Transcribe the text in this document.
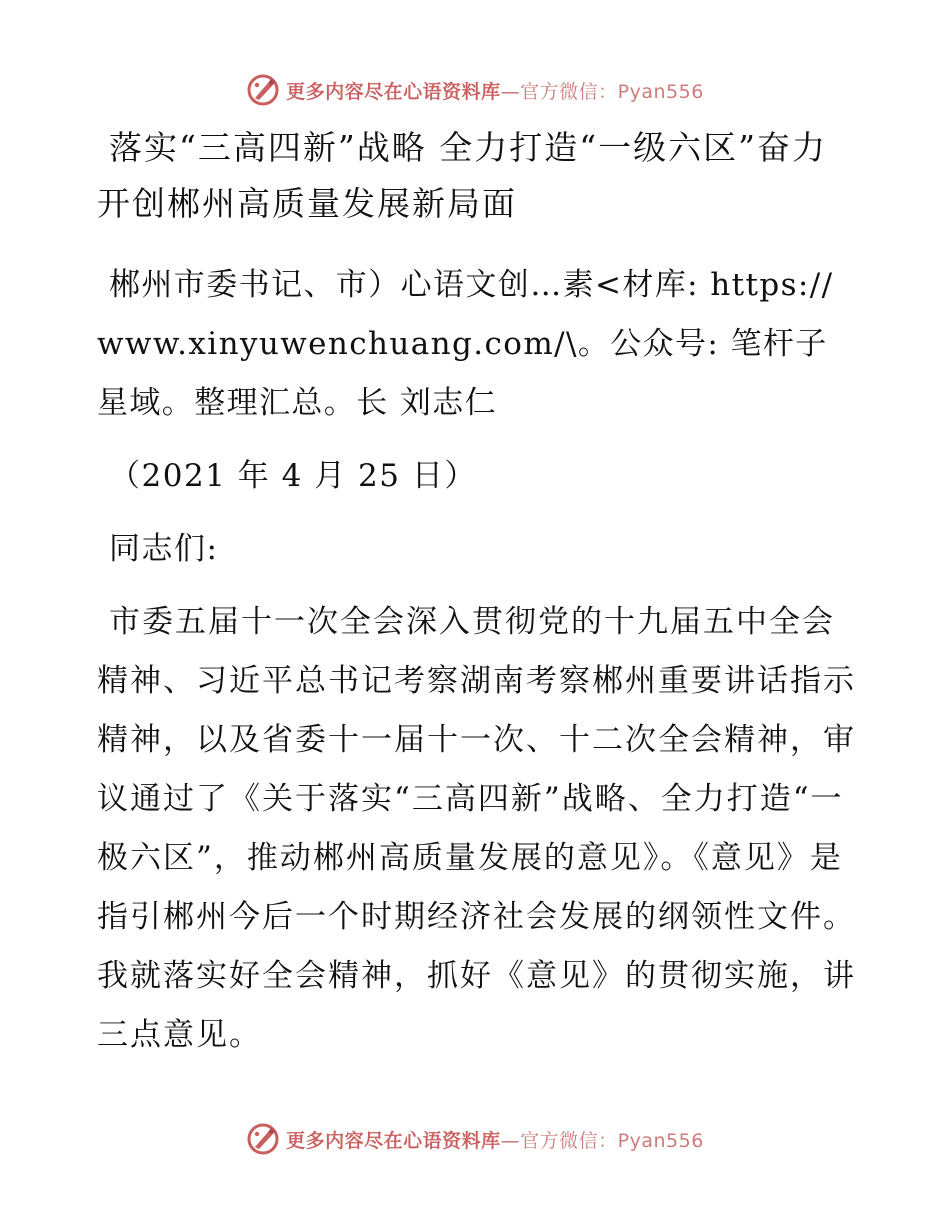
更多内容尽在心语资料库—官方微信：Pyan556
落实“三高四新”战略 全力打造“一级六区”奋力开创郴州高质量发展新局面

郴州市委书记、市）心语文创…素<材库: https://www.xinyuwenchuang.com/\。公众号: 笔杆子星域。整理汇总。长 刘志仁

（2021 年 4 月 25 日）

同志们:

市委五届十一次全会深入贯彻党的十九届五中全会精神、习近平总书记考察湖南考察郴州重要讲话指示精神，以及省委十一届十一次、十二次全会精神，审议通过了《关于落实“三高四新”战略、全力打造“一极六区”，推动郴州高质量发展的意见》。《意见》是指引郴州今后一个时期经济社会发展的纲领性文件。我就落实好全会精神，抓好《意见》的贯彻实施，讲三点意见。

更多内容尽在心语资料库—官方微信：Pyan556
